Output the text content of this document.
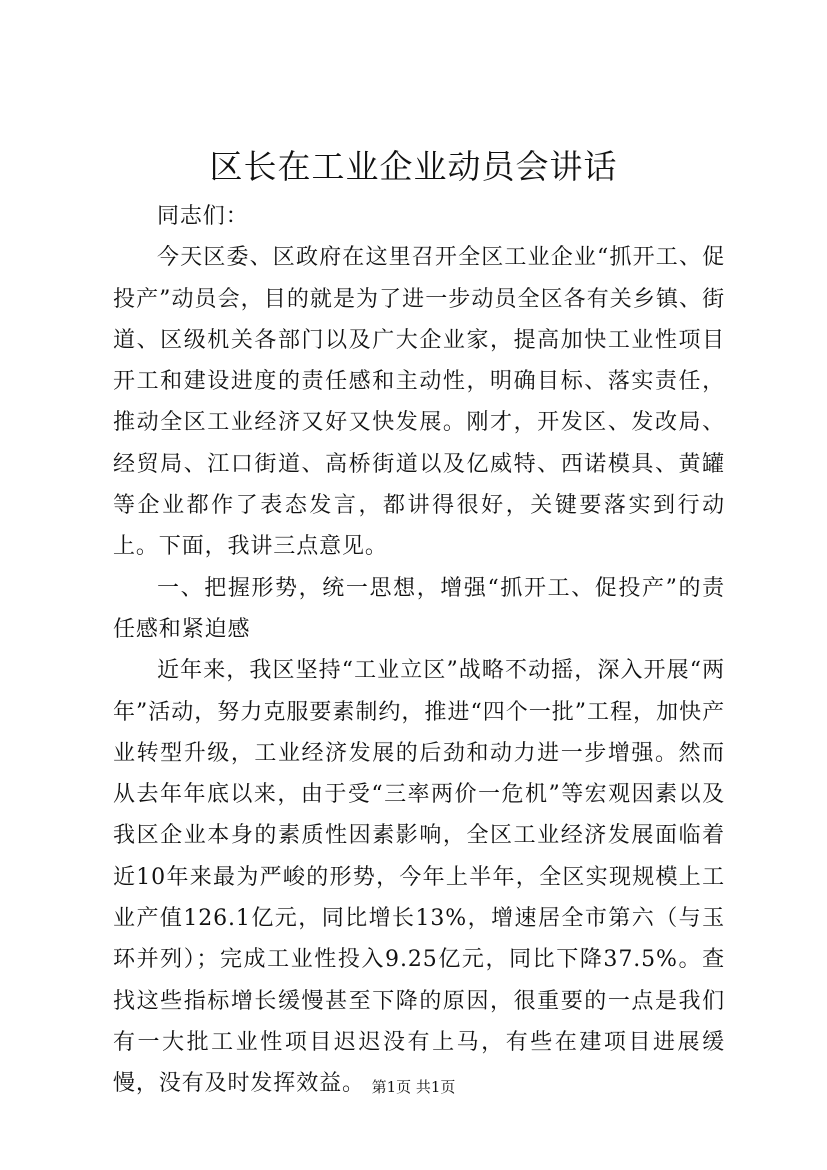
区长在工业企业动员会讲话

同志们：

今天区委、区政府在这里召开全区工业企业“抓开工、促投产”动员会，目的就是为了进一步动员全区各有关乡镇、街道、区级机关各部门以及广大企业家，提高加快工业性项目开工和建设进度的责任感和主动性，明确目标、落实责任，推动全区工业经济又好又快发展。刚才，开发区、发改局、经贸局、江口街道、高桥街道以及亿威特、西诺模具、黄罐等企业都作了表态发言，都讲得很好，关键要落实到行动上。下面，我讲三点意见。

一、把握形势，统一思想，增强“抓开工、促投产”的责任感和紧迫感

近年来，我区坚持“工业立区”战略不动摇，深入开展“两年”活动，努力克服要素制约，推进“四个一批”工程，加快产业转型升级，工业经济发展的后劲和动力进一步增强。然而从去年年底以来，由于受“三率两价一危机”等宏观因素以及我区企业本身的素质性因素影响，全区工业经济发展面临着近10年来最为严峻的形势，今年上半年，全区实现规模上工业产值126.1亿元，同比增长13%，增速居全市第六（与玉环并列）；完成工业性投入9.25亿元，同比下降37.5%。查找这些指标增长缓慢甚至下降的原因，很重要的一点是我们有一大批工业性项目迟迟没有上马，有些在建项目进展缓慢，没有及时发挥效益。 第1页 共1页
